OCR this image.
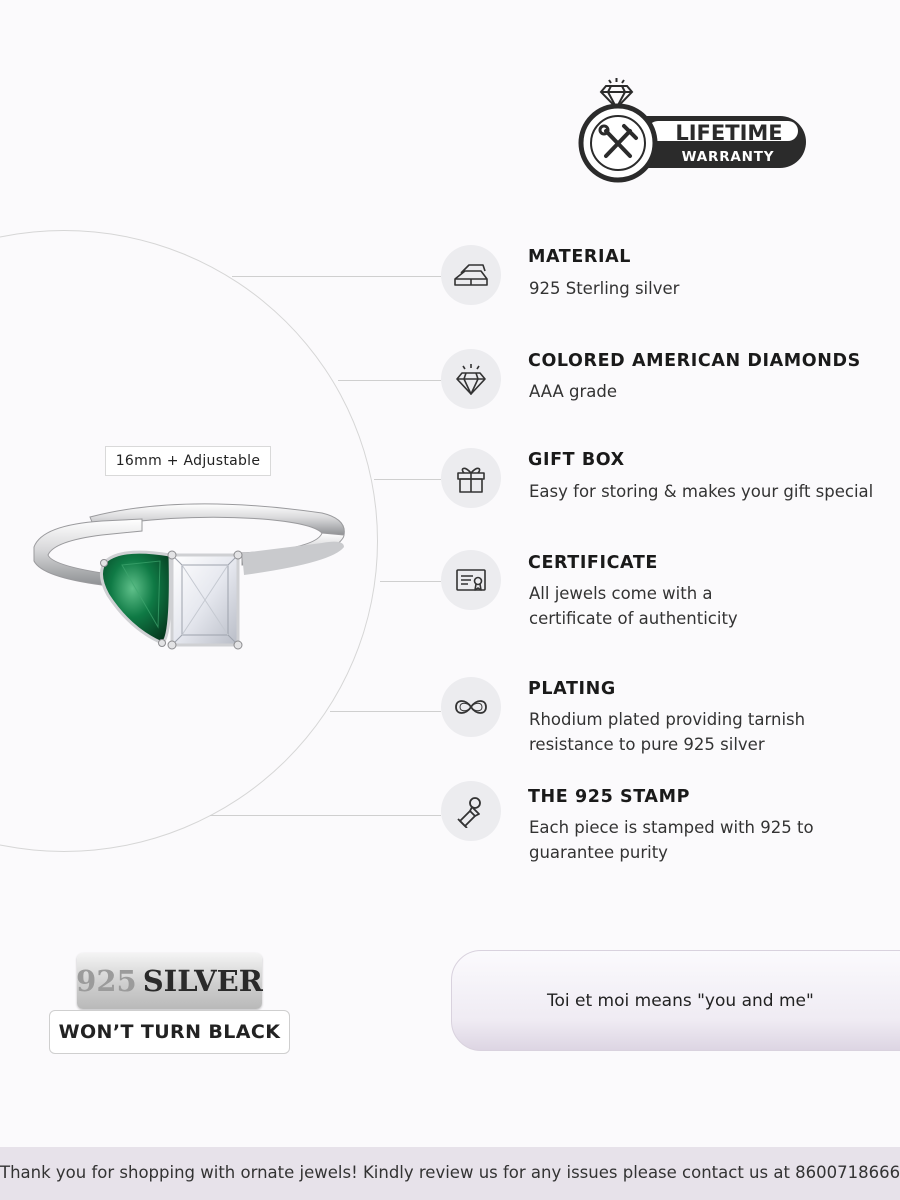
LIFETIME
WARRANTY
16mm + Adjustable
MATERIAL
925 Sterling silver
COLORED AMERICAN DIAMONDS
AAA grade
GIFT BOX
Easy for storing & makes your gift special
CERTIFICATE
All jewels come with a
certificate of authenticity
PLATING
Rhodium plated providing tarnish
resistance to pure 925 silver
THE 925 STAMP
Each piece is stamped with 925 to
guarantee purity
925 SILVER
WON’T TURN BLACK
Toi et moi means "you and me"
Thank you for shopping with ornate jewels! Kindly review us for any issues please contact us at 8600718666
